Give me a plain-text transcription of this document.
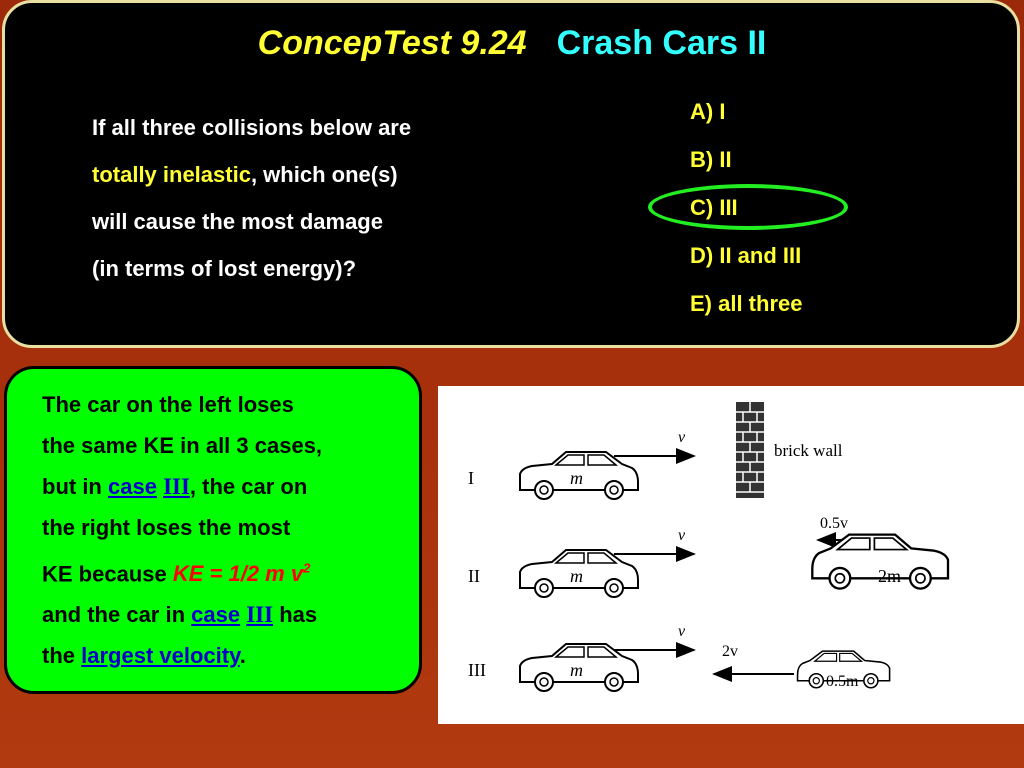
ConcepTest 9.24 Crash Cars II
If all three collisions below are
totally inelastic, which one(s)
will cause the most damage
(in terms of lost energy)?
A) I
B) II
C) III
D) II and III
E) all three
The car on the left loses
the same KE in all 3 cases,
but in case III, the car on
the right loses the most
KE because KE = 1/2 m $v^2$
and the car in case III has
the largest velocity.
I	m
v
brick wall
II	m
v
0.5v
2m
III	m
v
2v
0.5m
